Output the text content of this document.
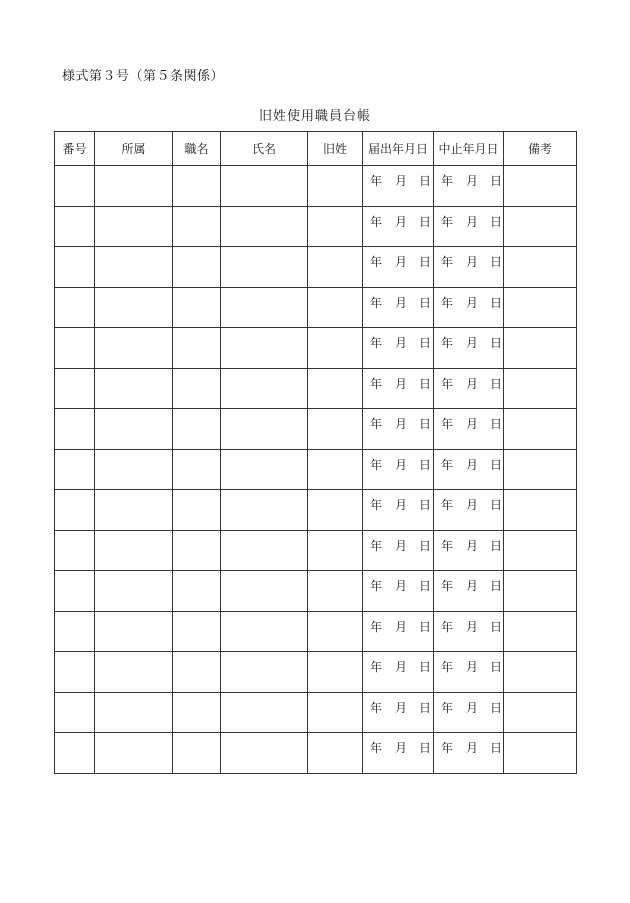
様式第３号（第５条関係）
旧姓使用職員台帳
番号	所属	職名	氏名	旧姓	届出年月日	中止年月日	備考

					年 月 日	年 月 日	

					年 月 日	年 月 日	

					年 月 日	年 月 日	

					年 月 日	年 月 日	

					年 月 日	年 月 日	

					年 月 日	年 月 日	

					年 月 日	年 月 日	

					年 月 日	年 月 日	

					年 月 日	年 月 日	

					年 月 日	年 月 日	

					年 月 日	年 月 日	

					年 月 日	年 月 日	

					年 月 日	年 月 日	

					年 月 日	年 月 日	

					年 月 日	年 月 日	
